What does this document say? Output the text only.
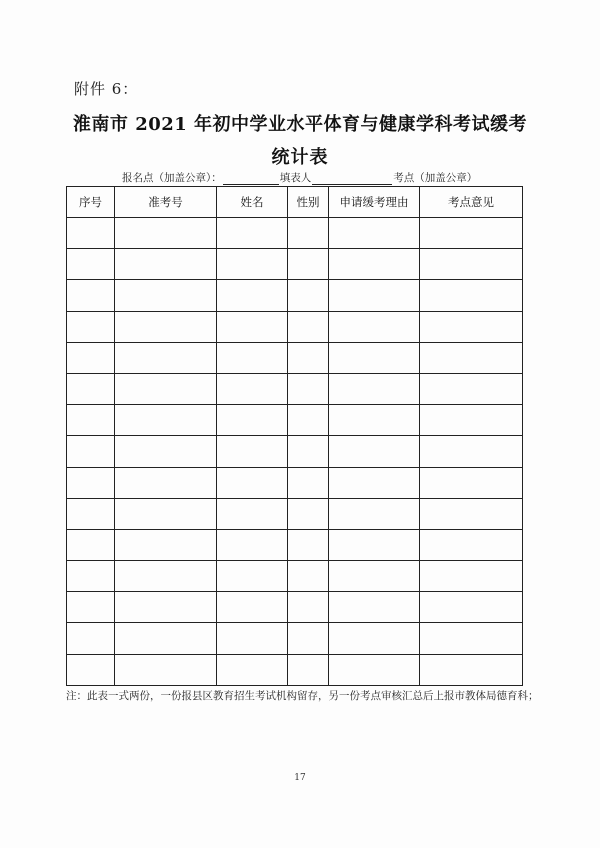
附件 6：
淮南市 2021 年初中学业水平体育与健康学科考试缓考
统计表
报名点（加盖公章）：	填表人	考点（加盖公章）
序号	准考号	姓名	性别	申请缓考理由	考点意见

注：此表一式两份，一份报县区教育招生考试机构留存，另一份考点审核汇总后上报市教体局德育科；
17
